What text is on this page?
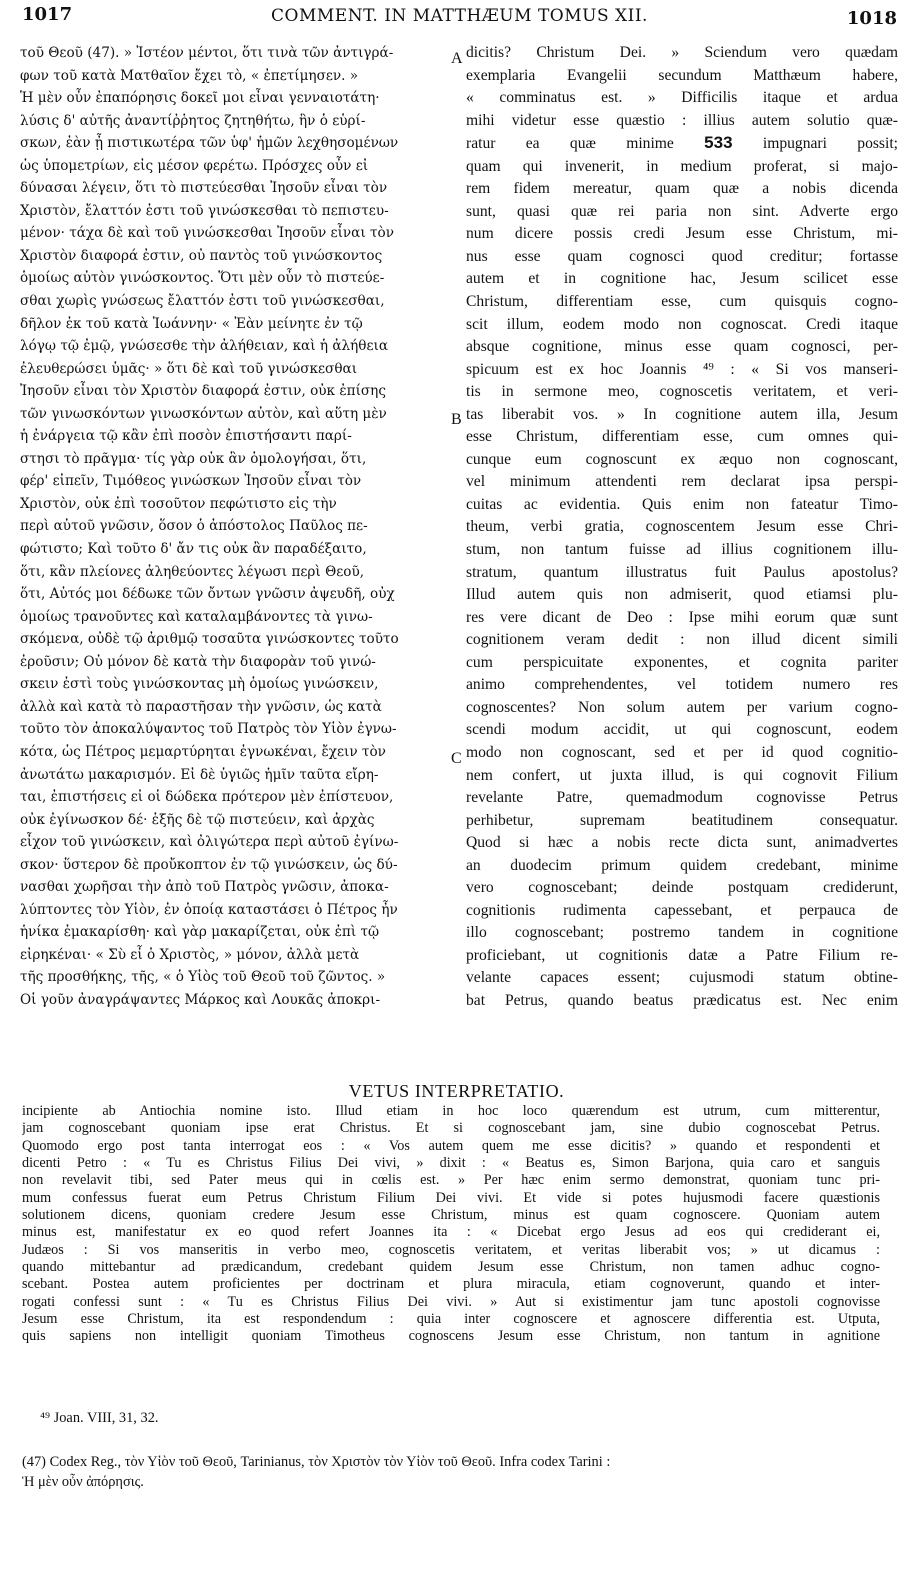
1017	COMMENT. IN MATTHÆUM TOMUS XII.	1018
τοῦ Θεοῦ (47). » Ἰστέον μέντοι, ὅτι τινὰ τῶν ἀντιγρά-
φων τοῦ κατὰ Ματθαῖον ἔχει τὸ, « ἐπετίμησεν. »
Ἡ μὲν οὖν ἐπαπόρησις δοκεῖ μοι εἶναι γενναιοτάτη·
λύσις δ' αὐτῆς ἀναντίῤῥητος ζητηθήτω, ἣν ὁ εὑρί-
σκων, ἐὰν ᾖ πιστικωτέρα τῶν ὑφ' ἡμῶν λεχθησομένων
ὡς ὑπομετρίων, εἰς μέσον φερέτω. Πρόσχες οὖν εἰ
δύνασαι λέγειν, ὅτι τὸ πιστεύεσθαι Ἰησοῦν εἶναι τὸν
Χριστὸν, ἔλαττόν ἐστι τοῦ γινώσκεσθαι τὸ πεπιστευ-
μένον· τάχα δὲ καὶ τοῦ γινώσκεσθαι Ἰησοῦν εἶναι τὸν
Χριστὸν διαφορά ἐστιν, οὐ παντὸς τοῦ γινώσκοντος
ὁμοίως αὐτὸν γινώσκοντος. Ὅτι μὲν οὖν τὸ πιστεύε-
σθαι χωρὶς γνώσεως ἔλαττόν ἐστι τοῦ γινώσκεσθαι,
δῆλον ἐκ τοῦ κατὰ Ἰωάννην· « Ἐὰν μείνητε ἐν τῷ
λόγῳ τῷ ἐμῷ, γνώσεσθε τὴν ἀλήθειαν, καὶ ἡ ἀλήθεια
ἐλευθερώσει ὑμᾶς· » ὅτι δὲ καὶ τοῦ γινώσκεσθαι
Ἰησοῦν εἶναι τὸν Χριστὸν διαφορά ἐστιν, οὐκ ἐπίσης
τῶν γινωσκόντων γινωσκόντων αὐτὸν, καὶ αὕτη μὲν
ἡ ἐνάργεια τῷ κἂν ἐπὶ ποσὸν ἐπιστήσαντι παρί-
στησι τὸ πρᾶγμα· τίς γὰρ οὐκ ἂν ὁμολογήσαι, ὅτι,
φέρ' εἰπεῖν, Τιμόθεος γινώσκων Ἰησοῦν εἶναι τὸν
Χριστὸν, οὐκ ἐπὶ τοσοῦτον πεφώτιστο εἰς τὴν
περὶ αὐτοῦ γνῶσιν, ὅσον ὁ ἀπόστολος Παῦλος πε-
φώτιστο; Καὶ τοῦτο δ' ἄν τις οὐκ ἂν παραδέξαιτο,
ὅτι, κἂν πλείονες ἀληθεύοντες λέγωσι περὶ Θεοῦ,
ὅτι, Αὐτός μοι δέδωκε τῶν ὄντων γνῶσιν ἀψευδῆ, οὐχ
ὁμοίως τρανοῦντες καὶ καταλαμβάνοντες τὰ γινω-
σκόμενα, οὐδὲ τῷ ἀριθμῷ τοσαῦτα γινώσκοντες τοῦτο
ἐροῦσιν; Οὐ μόνον δὲ κατὰ τὴν διαφορὰν τοῦ γινώ-
σκειν ἐστὶ τοὺς γινώσκοντας μὴ ὁμοίως γινώσκειν,
ἀλλὰ καὶ κατὰ τὸ παραστῆσαν τὴν γνῶσιν, ὡς κατὰ
τοῦτο τὸν ἀποκαλύψαντος τοῦ Πατρὸς τὸν Υἱὸν ἐγνω-
κότα, ὡς Πέτρος μεμαρτύρηται ἐγνωκέναι, ἔχειν τὸν
ἀνωτάτω μακαρισμόν. Εἰ δὲ ὑγιῶς ἡμῖν ταῦτα εἴρη-
ται, ἐπιστήσεις εἰ οἱ δώδεκα πρότερον μὲν ἐπίστευον,
οὐκ ἐγίνωσκον δέ· ἑξῆς δὲ τῷ πιστεύειν, καὶ ἀρχὰς
εἶχον τοῦ γινώσκειν, καὶ ὀλιγώτερα περὶ αὐτοῦ ἐγίνω-
σκον· ὕστερον δὲ προὔκοπτον ἐν τῷ γινώσκειν, ὡς δύ-
νασθαι χωρῆσαι τὴν ἀπὸ τοῦ Πατρὸς γνῶσιν, ἀποκα-
λύπτοντες τὸν Υἱὸν, ἐν ὁποίᾳ καταστάσει ὁ Πέτρος ἦν
ἡνίκα ἐμακαρίσθη· καὶ γὰρ μακαρίζεται, οὐκ ἐπὶ τῷ
εἰρηκέναι· « Σὺ εἶ ὁ Χριστὸς, » μόνον, ἀλλὰ μετὰ
τῆς προσθήκης, τῆς, « ὁ Υἱὸς τοῦ Θεοῦ τοῦ ζῶντος. »
Οἱ γοῦν ἀναγράψαντες Μάρκος καὶ Λουκᾶς ἀποκρι-
dicitis? Christum Dei. » Sciendum vero quædam
exemplaria Evangelii secundum Matthæum habere,
« comminatus est. » Difficilis itaque et ardua
mihi videtur esse quæstio : illius autem solutio quæ-
ratur ea quæ minime 533 impugnari possit;
quam qui invenerit, in medium proferat, si majo-
rem fidem mereatur, quam quæ a nobis dicenda
sunt, quasi quæ rei paria non sint. Adverte ergo
num dicere possis credi Jesum esse Christum, mi-
nus esse quam cognosci quod creditur; fortasse
autem et in cognitione hac, Jesum scilicet esse
Christum, differentiam esse, cum quisquis cogno-
scit illum, eodem modo non cognoscat. Credi itaque
absque cognitione, minus esse quam cognosci, per-
spicuum est ex hoc Joannis ⁴⁹ : « Si vos manseri-
tis in sermone meo, cognoscetis veritatem, et veri-
tas liberabit vos. » In cognitione autem illa, Jesum
esse Christum, differentiam esse, cum omnes qui-
cunque eum cognoscunt ex æquo non cognoscant,
vel minimum attendenti rem declarat ipsa perspi-
cuitas ac evidentia. Quis enim non fateatur Timo-
theum, verbi gratia, cognoscentem Jesum esse Chri-
stum, non tantum fuisse ad illius cognitionem illu-
stratum, quantum illustratus fuit Paulus apostolus?
Illud autem quis non admiserit, quod etiamsi plu-
res vere dicant de Deo : Ipse mihi eorum quæ sunt
cognitionem veram dedit : non illud dicent simili
cum perspicuitate exponentes, et cognita pariter
animo comprehendentes, vel totidem numero res
cognoscentes? Non solum autem per varium cogno-
scendi modum accidit, ut qui cognoscunt, eodem
modo non cognoscant, sed et per id quod cognitio-
nem confert, ut juxta illud, is qui cognovit Filium
revelante Patre, quemadmodum cognovisse Petrus
perhibetur, supremam beatitudinem consequatur.
Quod si hæc a nobis recte dicta sunt, animadvertes
an duodecim primum quidem credebant, minime
vero cognoscebant; deinde postquam crediderunt,
cognitionis rudimenta capessebant, et perpauca de
illo cognoscebant; postremo tandem in cognitione
proficiebant, ut cognitionis datæ a Patre Filium re-
velante capaces essent; cujusmodi statum obtine-
bat Petrus, quando beatus prædicatus est. Nec enim
A
B
C
VETUS INTERPRETATIO.
incipiente ab Antiochia nomine isto. Illud etiam in hoc loco quærendum est utrum, cum mitterentur,
jam cognoscebant quoniam ipse erat Christus. Et si cognoscebant jam, sine dubio cognoscebat Petrus.
Quomodo ergo post tanta interrogat eos : « Vos autem quem me esse dicitis? » quando et respondenti et
dicenti Petro : « Tu es Christus Filius Dei vivi, » dixit : « Beatus es, Simon Barjona, quia caro et sanguis
non revelavit tibi, sed Pater meus qui in cœlis est. » Per hæc enim sermo demonstrat, quoniam tunc pri-
mum confessus fuerat eum Petrus Christum Filium Dei vivi. Et vide si potes hujusmodi facere quæstionis
solutionem dicens, quoniam credere Jesum esse Christum, minus est quam cognoscere. Quoniam autem
minus est, manifestatur ex eo quod refert Joannes ita : « Dicebat ergo Jesus ad eos qui crediderant ei,
Judæos : Si vos manseritis in verbo meo, cognoscetis veritatem, et veritas liberabit vos; » ut dicamus :
quando mittebantur ad prædicandum, credebant quidem Jesum esse Christum, non tamen adhuc cogno-
scebant. Postea autem proficientes per doctrinam et plura miracula, etiam cognoverunt, quando et inter-
rogati confessi sunt : « Tu es Christus Filius Dei vivi. » Aut si existimentur jam tunc apostoli cognovisse
Jesum esse Christum, ita est respondendum : quia inter cognoscere et agnoscere differentia est. Utputa,
quis sapiens non intelligit quoniam Timotheus cognoscens Jesum esse Christum, non tantum in agnitione
⁴⁹ Joan. VIII, 31, 32.
(47) Codex Reg., τὸν Υἱὸν τοῦ Θεοῦ, Tarinianus, τὸν Χριστὸν τὸν Υἱὸν τοῦ Θεοῦ. Infra codex Tarini :
Ἡ μὲν οὖν ἀπόρησις.
